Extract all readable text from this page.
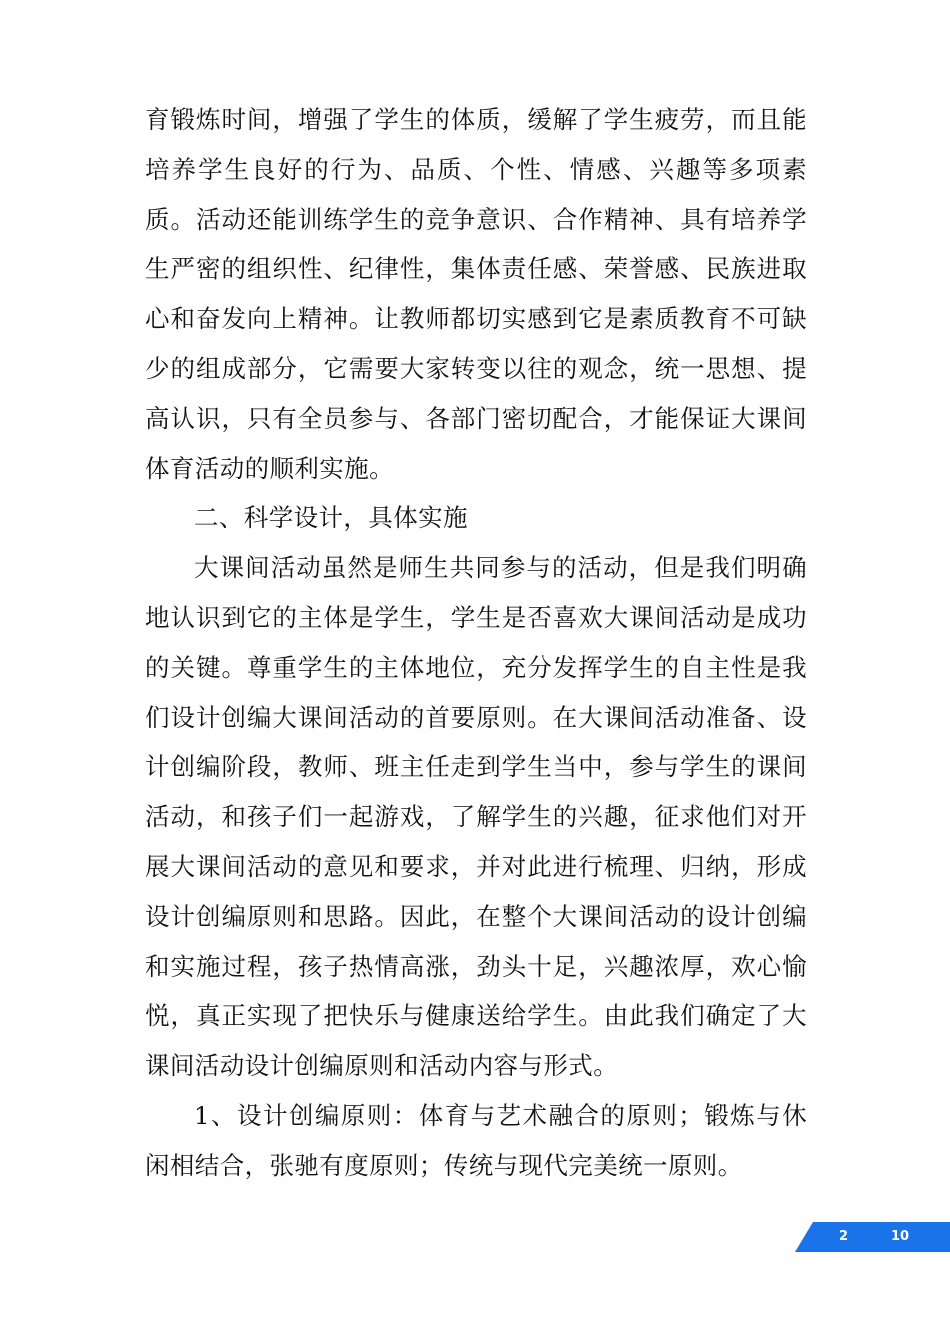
育锻炼时间，增强了学生的体质，缓解了学生疲劳，而且能培养学生良好的行为、品质、个性、情感、兴趣等多项素质。活动还能训练学生的竞争意识、合作精神、具有培养学生严密的组织性、纪律性，集体责任感、荣誉感、民族进取心和奋发向上精神。让教师都切实感到它是素质教育不可缺少的组成部分，它需要大家转变以往的观念，统一思想、提高认识，只有全员参与、各部门密切配合，才能保证大课间体育活动的顺利实施。

二、科学设计，具体实施

大课间活动虽然是师生共同参与的活动，但是我们明确地认识到它的主体是学生，学生是否喜欢大课间活动是成功的关键。尊重学生的主体地位，充分发挥学生的自主性是我们设计创编大课间活动的首要原则。在大课间活动准备、设计创编阶段，教师、班主任走到学生当中，参与学生的课间活动，和孩子们一起游戏，了解学生的兴趣，征求他们对开展大课间活动的意见和要求，并对此进行梳理、归纳，形成设计创编原则和思路。因此，在整个大课间活动的设计创编和实施过程，孩子热情高涨，劲头十足，兴趣浓厚，欢心愉悦，真正实现了把快乐与健康送给学生。由此我们确定了大课间活动设计创编原则和活动内容与形式。

1、设计创编原则：体育与艺术融合的原则；锻炼与休闲相结合，张驰有度原则；传统与现代完美统一原则。

2	10
